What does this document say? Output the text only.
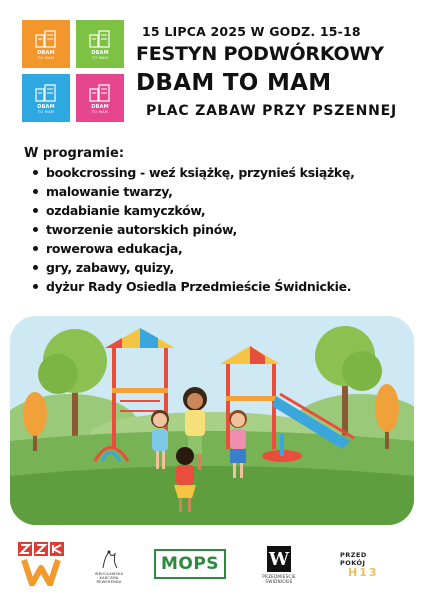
DBAM
TO MAM
DBAM
TO MAM
DBAM
TO MAM
DBAM
TO MAM
15 LIPCA 2025 W GODZ. 15-18
FESTYN PODWÓRKOWY
DBAM TO MAM
PLAC ZABAW PRZY PSZENNEJ
W programie:
bookcrossing - weź książkę, przynieś książkę,
malowanie twarzy,
ozdabianie kamyczków,
tworzenie autorskich pinów,
rowerowa edukacja,
gry, zabawy, quizy,
dyżur Rady Osiedla Przedmieście Świdnickie.
WROCŁAWSKA
KARCZMA
REWERENDA
MOPS	W
PRZEDMIEŚCIE
ŚWIDNICKIE
PRZED
POKÓJ
H13
